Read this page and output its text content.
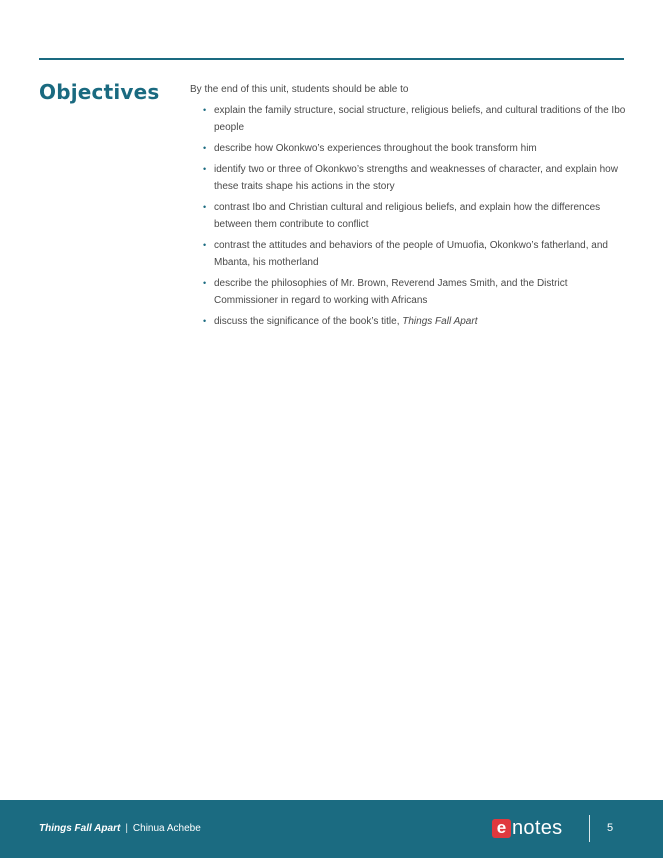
Objectives	By the end of this unit, students should be able to

• explain the family structure, social structure, religious beliefs, and cultural traditions of the Ibo people
• describe how Okonkwo’s experiences throughout the book transform him
• identify two or three of Okonkwo’s strengths and weaknesses of character, and explain how these traits shape his actions in the story
• contrast Ibo and Christian cultural and religious beliefs, and explain how the differences between them contribute to conflict
• contrast the attitudes and behaviors of the people of Umuofia, Okonkwo’s fatherland, and Mbanta, his motherland
• describe the philosophies of Mr. Brown, Reverend James Smith, and the District Commissioner in regard to working with Africans
• discuss the significance of the book’s title, Things Fall Apart
Things Fall Apart | Chinua Achebe	e notes	5
